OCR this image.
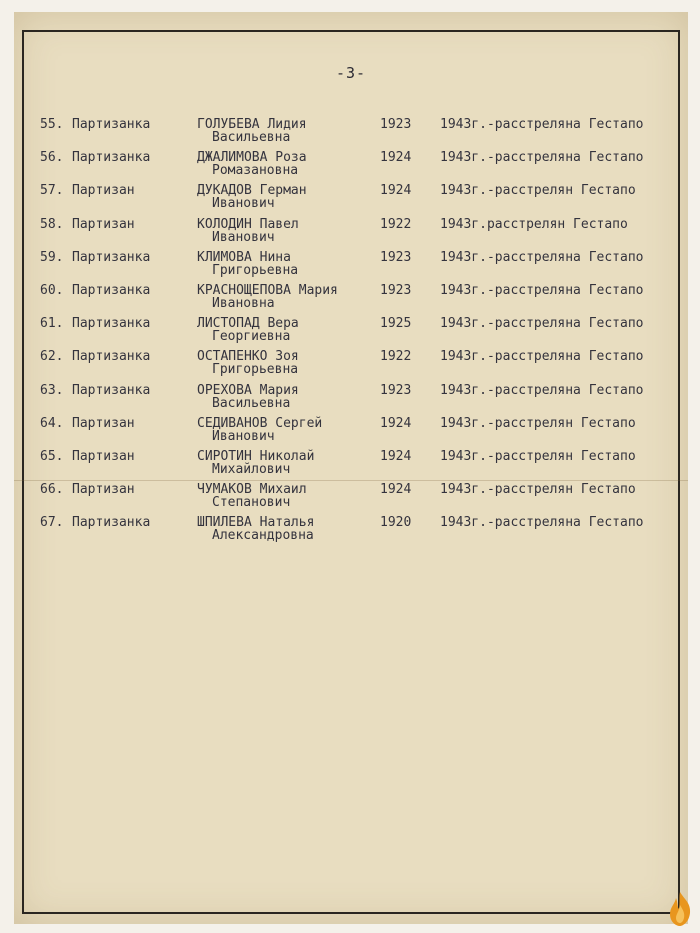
-3-
55. Партизанка	ГОЛУБЕВА Лидия
Васильевна
1923 1943г.-расстреляна Гестапо
56. Партизанка	ДЖАЛИМОВА Роза
Ромазановна
1924 1943г.-расстреляна Гестапо
57. Партизан	ДУКАДОВ Герман
Иванович
1924 1943г.-расстрелян Гестапо
58. Партизан	КОЛОДИН Павел
Иванович
1922 1943г.расстрелян Гестапо
59. Партизанка	КЛИМОВА Нина
Григорьевна
1923 1943г.-расстреляна Гестапо
60. Партизанка	КРАСНОЩЕПОВА Мария
Ивановна
1923 1943г.-расстреляна Гестапо
61. Партизанка	ЛИСТОПАД Вера
Георгиевна
1925 1943г.-расстреляна Гестапо
62. Партизанка	ОСТАПЕНКО Зоя
Григорьевна
1922 1943г.-расстреляна Гестапо
63. Партизанка	ОРЕХОВА Мария
Васильевна
1923 1943г.-расстреляна Гестапо
64. Партизан	СЕДИВАНОВ Сергей
Иванович
1924 1943г.-расстрелян Гестапо
65. Партизан	СИРОТИН Николай
Михайлович
1924 1943г.-расстрелян Гестапо
66. Партизан	ЧУМАКОВ Михаил
Степанович
1924 1943г.-расстрелян Гестапо
67. Партизанка	ШПИЛЕВА Наталья
Александровна
1920 1943г.-расстреляна Гестапо
